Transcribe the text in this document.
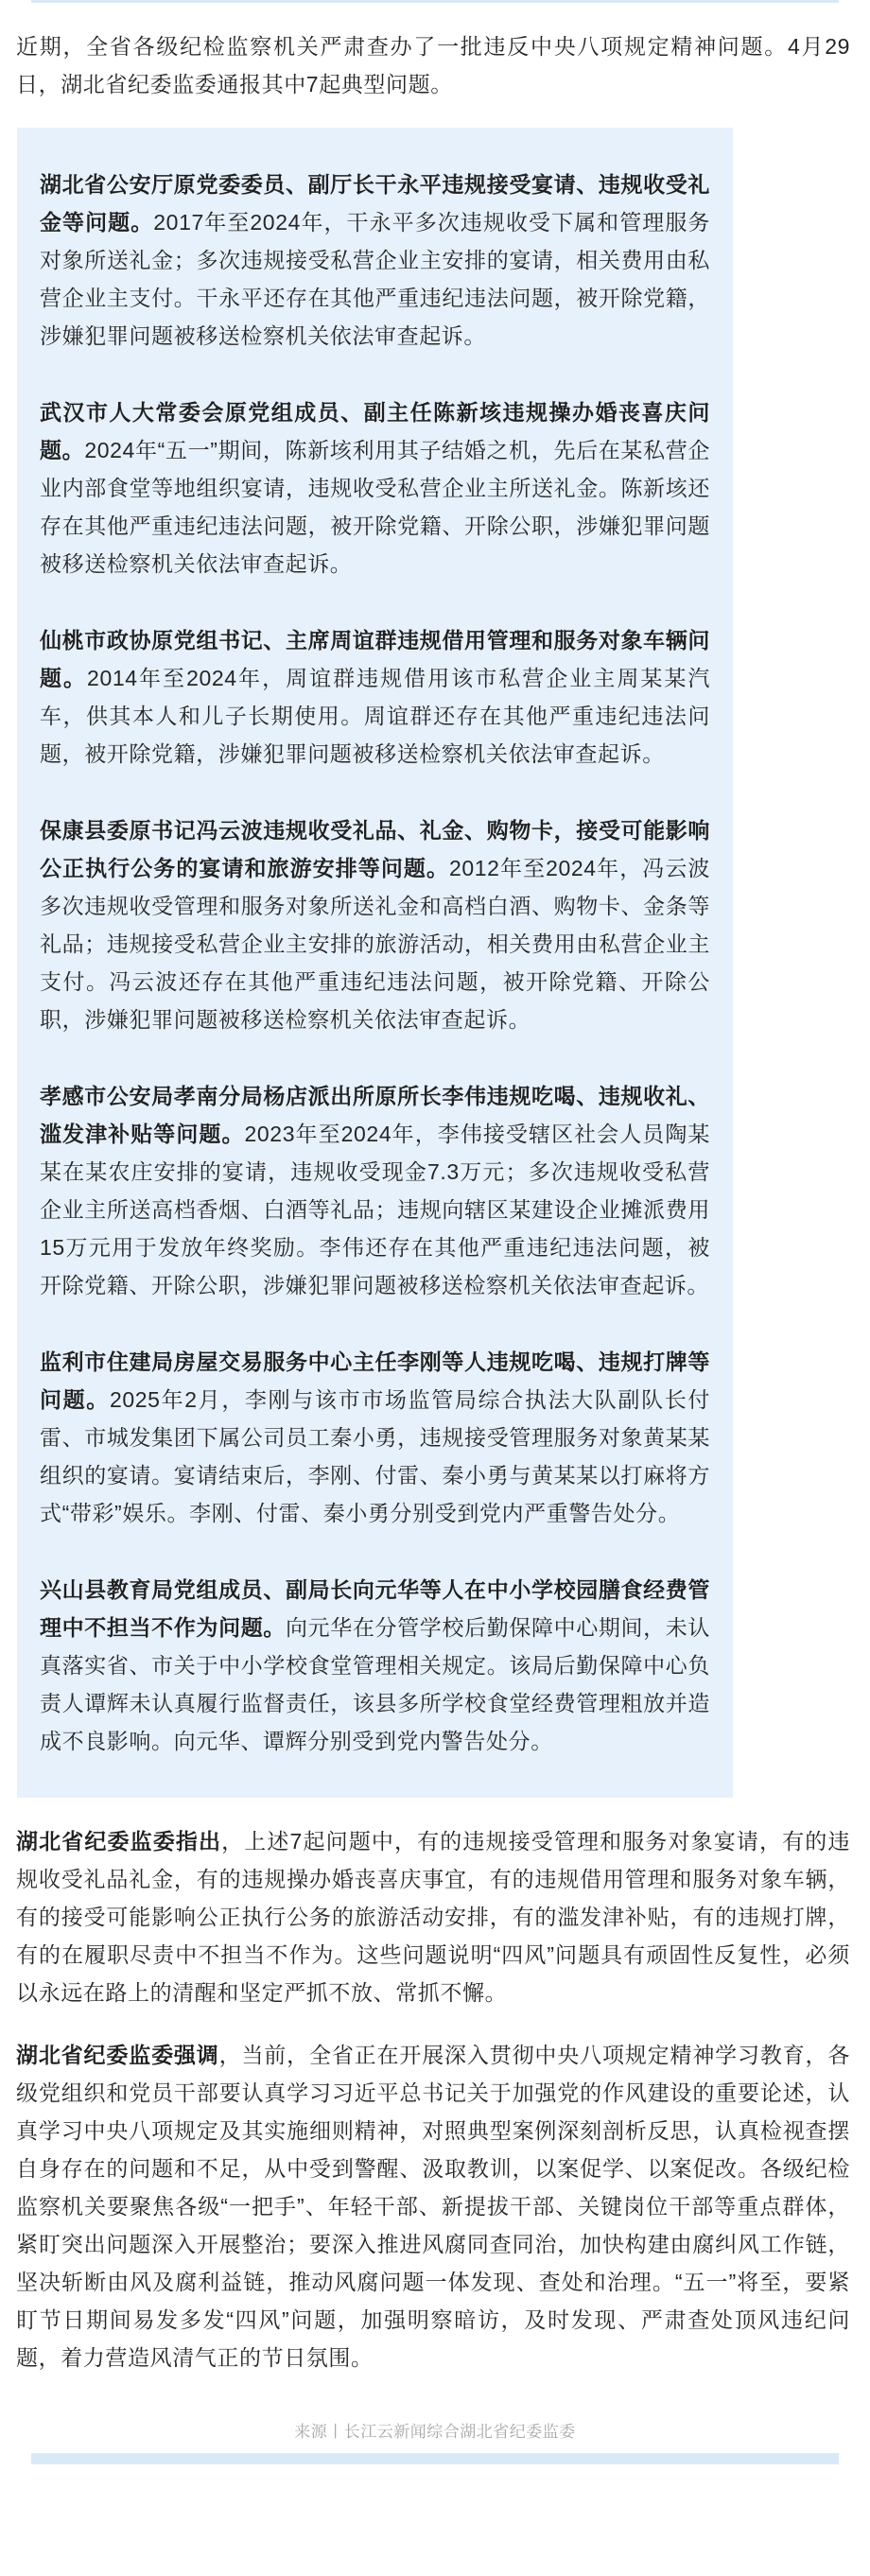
近期，全省各级纪检监察机关严肃查办了一批违反中央八项规定精神问题。4月29日，湖北省纪委监委通报其中7起典型问题。

湖北省公安厅原党委委员、副厅长干永平违规接受宴请、违规收受礼金等问题。2017年至2024年，干永平多次违规收受下属和管理服务对象所送礼金；多次违规接受私营企业主安排的宴请，相关费用由私营企业主支付。干永平还存在其他严重违纪违法问题，被开除党籍，涉嫌犯罪问题被移送检察机关依法审查起诉。

武汉市人大常委会原党组成员、副主任陈新垓违规操办婚丧喜庆问题。2024年“五一”期间，陈新垓利用其子结婚之机，先后在某私营企业内部食堂等地组织宴请，违规收受私营企业主所送礼金。陈新垓还存在其他严重违纪违法问题，被开除党籍、开除公职，涉嫌犯罪问题被移送检察机关依法审查起诉。

仙桃市政协原党组书记、主席周谊群违规借用管理和服务对象车辆问题。2014年至2024年，周谊群违规借用该市私营企业主周某某汽车，供其本人和儿子长期使用。周谊群还存在其他严重违纪违法问题，被开除党籍，涉嫌犯罪问题被移送检察机关依法审查起诉。

保康县委原书记冯云波违规收受礼品、礼金、购物卡，接受可能影响公正执行公务的宴请和旅游安排等问题。2012年至2024年，冯云波多次违规收受管理和服务对象所送礼金和高档白酒、购物卡、金条等礼品；违规接受私营企业主安排的旅游活动，相关费用由私营企业主支付。冯云波还存在其他严重违纪违法问题，被开除党籍、开除公职，涉嫌犯罪问题被移送检察机关依法审查起诉。

孝感市公安局孝南分局杨店派出所原所长李伟违规吃喝、违规收礼、滥发津补贴等问题。2023年至2024年，李伟接受辖区社会人员陶某某在某农庄安排的宴请，违规收受现金7.3万元；多次违规收受私营企业主所送高档香烟、白酒等礼品；违规向辖区某建设企业摊派费用15万元用于发放年终奖励。李伟还存在其他严重违纪违法问题，被开除党籍、开除公职，涉嫌犯罪问题被移送检察机关依法审查起诉。

监利市住建局房屋交易服务中心主任李刚等人违规吃喝、违规打牌等问题。2025年2月，李刚与该市市场监管局综合执法大队副队长付雷、市城发集团下属公司员工秦小勇，违规接受管理服务对象黄某某组织的宴请。宴请结束后，李刚、付雷、秦小勇与黄某某以打麻将方式“带彩”娱乐。李刚、付雷、秦小勇分别受到党内严重警告处分。

兴山县教育局党组成员、副局长向元华等人在中小学校园膳食经费管理中不担当不作为问题。向元华在分管学校后勤保障中心期间，未认真落实省、市关于中小学校食堂管理相关规定。该局后勤保障中心负责人谭辉未认真履行监督责任，该县多所学校食堂经费管理粗放并造成不良影响。向元华、谭辉分别受到党内警告处分。

湖北省纪委监委指出，上述7起问题中，有的违规接受管理和服务对象宴请，有的违规收受礼品礼金，有的违规操办婚丧喜庆事宜，有的违规借用管理和服务对象车辆，有的接受可能影响公正执行公务的旅游活动安排，有的滥发津补贴，有的违规打牌，有的在履职尽责中不担当不作为。这些问题说明“四风”问题具有顽固性反复性，必须以永远在路上的清醒和坚定严抓不放、常抓不懈。

湖北省纪委监委强调，当前，全省正在开展深入贯彻中央八项规定精神学习教育，各级党组织和党员干部要认真学习习近平总书记关于加强党的作风建设的重要论述，认真学习中央八项规定及其实施细则精神，对照典型案例深刻剖析反思，认真检视查摆自身存在的问题和不足，从中受到警醒、汲取教训，以案促学、以案促改。各级纪检监察机关要聚焦各级“一把手”、年轻干部、新提拔干部、关键岗位干部等重点群体，紧盯突出问题深入开展整治；要深入推进风腐同查同治，加快构建由腐纠风工作链，坚决斩断由风及腐利益链，推动风腐问题一体发现、查处和治理。“五一”将至，要紧盯节日期间易发多发“四风”问题，加强明察暗访，及时发现、严肃查处顶风违纪问题，着力营造风清气正的节日氛围。

来源丨长江云新闻综合湖北省纪委监委
